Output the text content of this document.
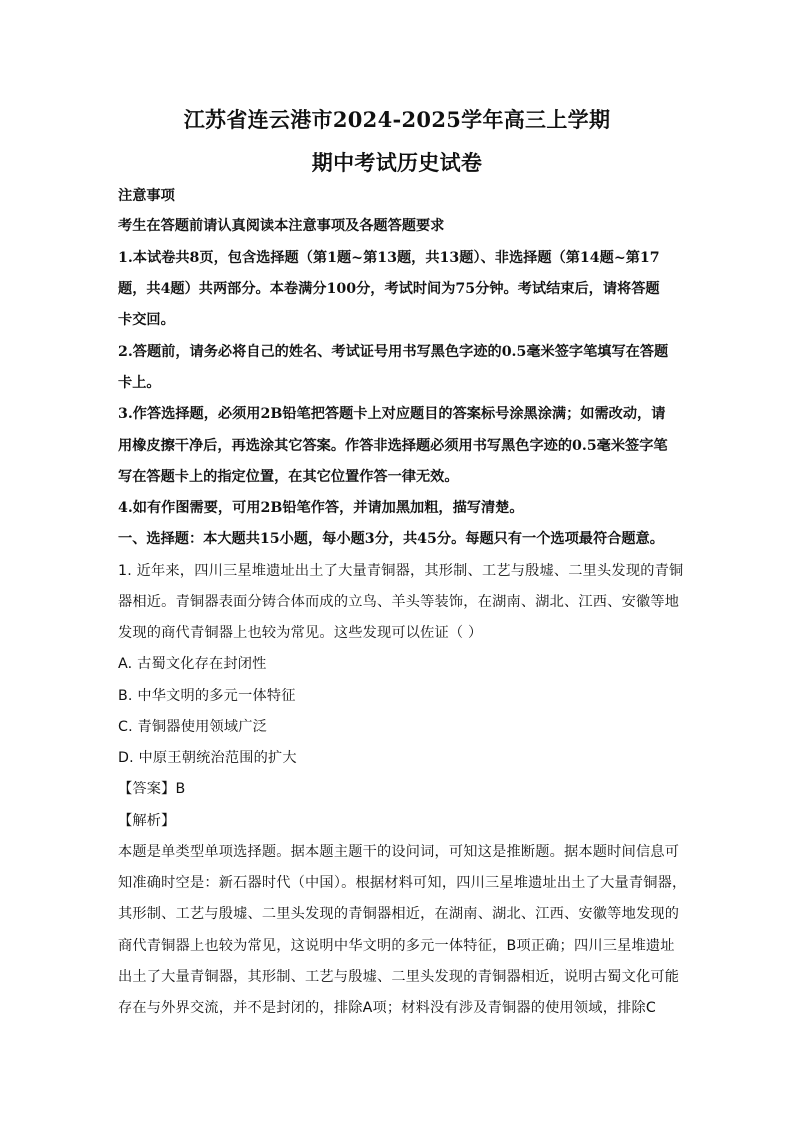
江苏省连云港市2024-2025学年高三上学期
期中考试历史试卷
注意事项
考生在答题前请认真阅读本注意事项及各题答题要求
1.本试卷共8页，包含选择题（第1题~第13题，共13题）、非选择题（第14题~第17
题，共4题）共两部分。本卷满分100分，考试时间为75分钟。考试结束后，请将答题
卡交回。
2.答题前，请务必将自己的姓名、考试证号用书写黑色字迹的0.5毫米签字笔填写在答题
卡上。
3.作答选择题，必须用2B铅笔把答题卡上对应题目的答案标号涂黑涂满；如需改动，请
用橡皮擦干净后，再选涂其它答案。作答非选择题必须用书写黑色字迹的0.5毫米签字笔
写在答题卡上的指定位置，在其它位置作答一律无效。
4.如有作图需要，可用2B铅笔作答，并请加黑加粗，描写清楚。
一、选择题：本大题共15小题，每小题3分，共45分。每题只有一个选项最符合题意。
1. 近年来，四川三星堆遗址出土了大量青铜器，其形制、工艺与殷墟、二里头发现的青铜
器相近。青铜器表面分铸合体而成的立鸟、羊头等装饰，在湖南、湖北、江西、安徽等地
发现的商代青铜器上也较为常见。这些发现可以佐证（ ）
A. 古蜀文化存在封闭性
B. 中华文明的多元一体特征
C. 青铜器使用领域广泛
D. 中原王朝统治范围的扩大
【答案】B
【解析】
本题是单类型单项选择题。据本题主题干的设问词，可知这是推断题。据本题时间信息可
知准确时空是：新石器时代（中国）。根据材料可知，四川三星堆遗址出土了大量青铜器，
其形制、工艺与殷墟、二里头发现的青铜器相近，在湖南、湖北、江西、安徽等地发现的
商代青铜器上也较为常见，这说明中华文明的多元一体特征，B项正确；四川三星堆遗址
出土了大量青铜器，其形制、工艺与殷墟、二里头发现的青铜器相近，说明古蜀文化可能
存在与外界交流，并不是封闭的，排除A项；材料没有涉及青铜器的使用领域，排除C
